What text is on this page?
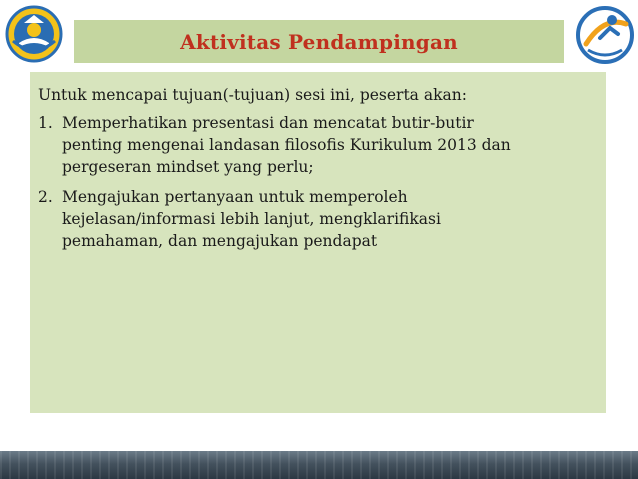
Aktivitas Pendampingan

Untuk mencapai tujuan(-tujuan) sesi ini, peserta akan:

1. Memperhatikan presentasi dan mencatat butir-butir
penting mengenai landasan filosofis Kurikulum 2013 dan
pergeseran mindset yang perlu;
2. Mengajukan pertanyaan untuk memperoleh
kejelasan/informasi lebih lanjut, mengklarifikasi
pemahaman, dan mengajukan pendapat
